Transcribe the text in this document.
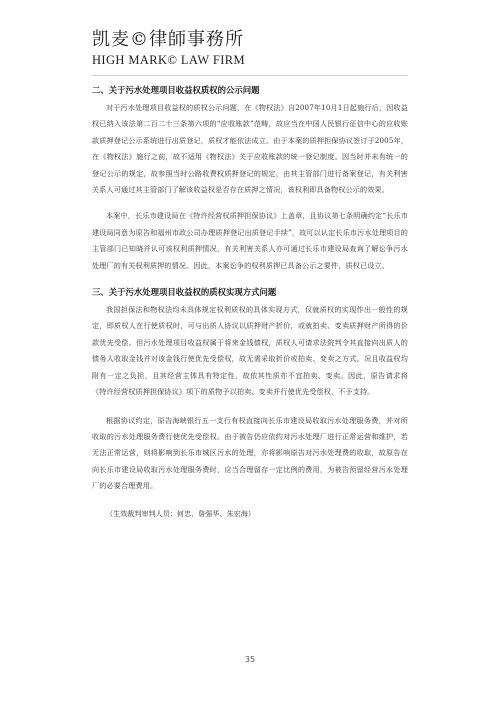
凯麦©律師事務所
HIGH MARK© LAW FIRM
二、关于污水处理项目收益权质权的公示问题

对于污水处理项目收益权的质权公示问题，在《物权法》自2007年10月1日起施行后，因收益权已纳入该法第二百二十三条第六项的“应收账款”范畴，故应当在中国人民银行征信中心的应收账款质押登记公示系统进行出质登记，质权才能依法成立。由于本案的质押担保协议签订于2005年，在《物权法》施行之前，故不适用《物权法》关于应收账款的统一登记制度。因当时并未有统一的登记公示的规定，故参照当时公路收费权质押登记的规定，由其主管部门进行备案登记，有关利害关系人可通过其主管部门了解该收益权是否存在质押之情况，该权利即具备物权公示的效果。

本案中，长乐市建设局在《特许经营权质押担保协议》上盖章，且协议第七条明确约定“长乐市建设局同意为原告和福州市政公司办理质押登记出质登记手续”，故可以认定长乐市污水处理项目的主管部门已知晓并认可该权利质押情况，有关利害关系人亦可通过长乐市建设局查询了解讼争污水处理厂的有关权利质押的情况。因此，本案讼争的权利质押已具备公示之要件，质权已设立。

三、关于污水处理项目收益权的质权实现方式问题

我国担保法和物权法均未具体规定权利质权的具体实现方式，仅就质权的实现作出一般性的规定，即质权人在行使质权时，可与出质人协议以质押财产折价，或就拍卖、变卖质押财产所得的价款优先受偿。但污水处理项目收益权属于将来金钱债权，质权人可请求法院判令其直接向出质人的债务人收取金钱并对该金钱行使优先受偿权，故无需采取折价或拍卖、变卖之方式。况且收益权均附有一定之负担，且其经营主体具有特定性，故依其性质亦不宜拍卖、变卖。因此，原告请求将《特许经营权质押担保协议》项下的质物予以拍卖、变卖并行使优先受偿权，不予支持。

根据协议约定，原告海峡银行五一支行有权直接向长乐市建设局收取污水处理服务费，并对所收取的污水处理服务费行使优先受偿权。由于被告仍应依约对污水处理厂进行正常运营和维护，若无法正常运营，则将影响到长乐市城区污水的处理，亦将影响原告对污水处理费的收取，故原告在向长乐市建设局收取污水处理服务费时，应当合理留存一定比例的费用，为被告预留经营污水处理厂的必要合理费用。

（生效裁判审判人员：何忠、詹强华、朱宏海）

35
